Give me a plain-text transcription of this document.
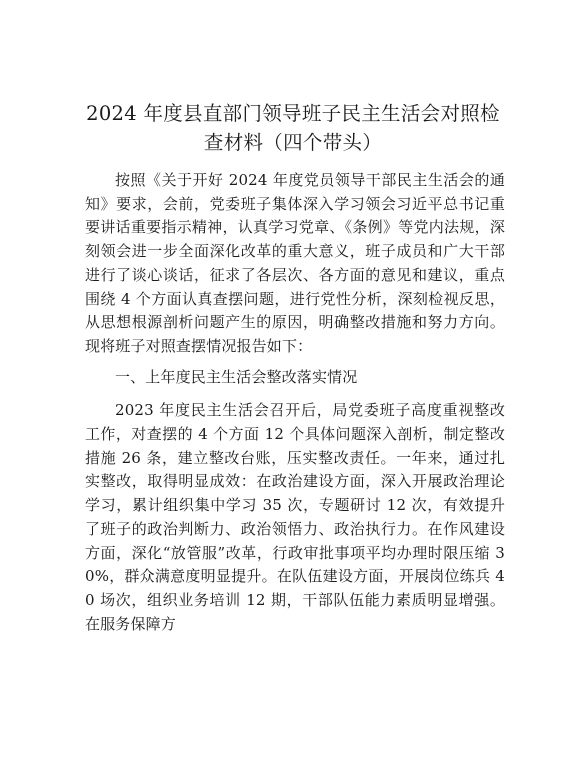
2024 年度县直部门领导班子民主生活会对照检
查材料（四个带头）

按照《关于开好 2024 年度党员领导干部民主生活会的通知》要求，会前，党委班子集体深入学习领会习近平总书记重要讲话重要指示精神，认真学习党章、《条例》等党内法规，深刻领会进一步全面深化改革的重大意义，班子成员和广大干部进行了谈心谈话，征求了各层次、各方面的意见和建议，重点围绕 4 个方面认真查摆问题，进行党性分析，深刻检视反思，从思想根源剖析问题产生的原因，明确整改措施和努力方向。现将班子对照查摆情况报告如下：

一、上年度民主生活会整改落实情况

2023 年度民主生活会召开后，局党委班子高度重视整改工作，对查摆的 4 个方面 12 个具体问题深入剖析，制定整改措施 26 条，建立整改台账，压实整改责任。一年来，通过扎实整改，取得明显成效：在政治建设方面，深入开展政治理论学习，累计组织集中学习 35 次，专题研讨 12 次，有效提升了班子的政治判断力、政治领悟力、政治执行力。在作风建设方面，深化“放管服”改革，行政审批事项平均办理时限压缩 30%，群众满意度明显提升。在队伍建设方面，开展岗位练兵 40 场次，组织业务培训 12 期，干部队伍能力素质明显增强。在服务保障方
